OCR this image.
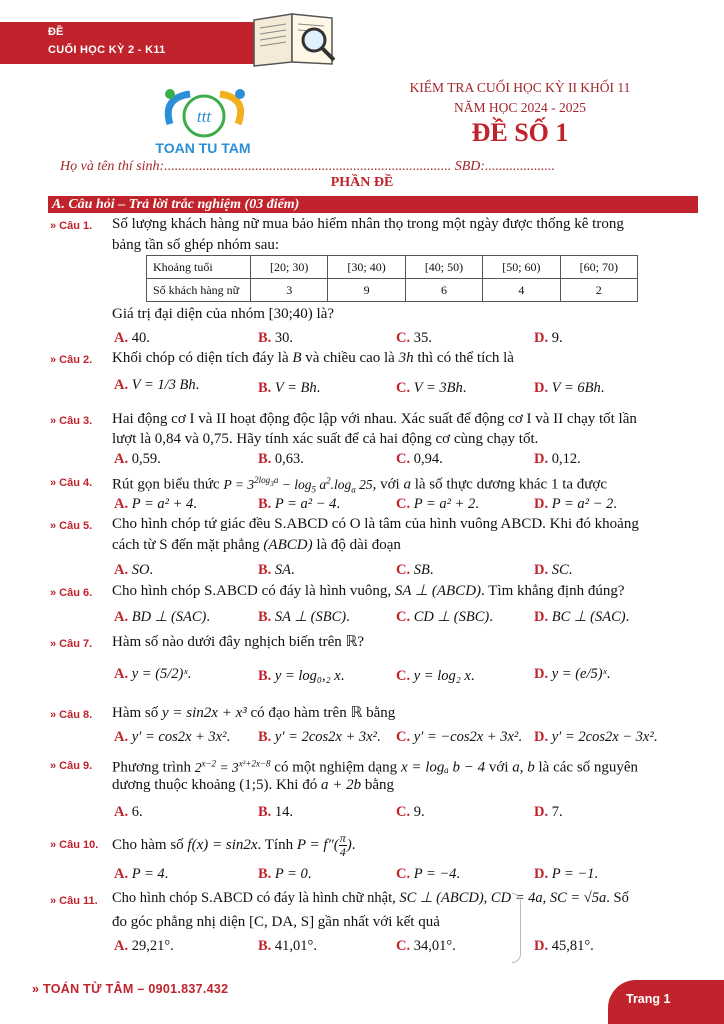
ĐỀ
CUỐI HỌC KỲ 2 - K11
ttt
TOAN TU TAM
KIỂM TRA CUỐI HỌC KỲ II KHỐI 11
NĂM HỌC 2024 - 2025
ĐỀ SỐ 1
Họ và tên thí sinh:.................................................................................. SBD:....................
PHẦN ĐỀ
A. Câu hỏi – Trả lời trắc nghiệm (03 điểm)
» Câu 1. Số lượng khách hàng nữ mua bảo hiểm nhân thọ trong một ngày được thống kê trong
bảng tần số ghép nhóm sau:
Khoảng tuổi	[20; 30)	[30; 40)	[40; 50)	[50; 60)	[60; 70)
Số khách hàng nữ	3	9	6	4	2
Giá trị đại diện của nhóm [30;40) là?
A. 40.	B. 30.	C. 35.	D. 9.
» Câu 2. Khối chóp có diện tích đáy là B và chiều cao là 3h thì có thể tích là
A. V = 1/3 Bh.	B. V = Bh.	C. V = 3Bh.	D. V = 6Bh.
» Câu 3. Hai động cơ I và II hoạt động độc lập với nhau. Xác suất để động cơ I và II chạy tốt lần
lượt là 0,84 và 0,75. Hãy tính xác suất để cả hai động cơ cùng chạy tốt.
A. 0,59.	B. 0,63.	C. 0,94.	D. 0,12.
» Câu 4. Rút gọn biểu thức $P = 3^{2log_3a} - \log_5 a^2.\log_a$ 25, với a là số thực dương khác 1 ta được
A. P = a² + 4.	B. P = a² − 4.	C. P = a² + 2.	D. P = a² − 2.
» Câu 5. Cho hình chóp tứ giác đều S.ABCD có O là tâm của hình vuông ABCD. Khi đó khoảng
cách từ S đến mặt phẳng (ABCD) là độ dài đoạn
A. SO.	B. SA.	C. SB.	D. SC.
» Câu 6. Cho hình chóp S.ABCD có đáy là hình vuông, SA ⊥ (ABCD). Tìm khẳng định đúng?
A. BD ⊥ (SAC).	B. SA ⊥ (SBC).	C. CD ⊥ (SBC).	D. BC ⊥ (SAC).
» Câu 7. Hàm số nào dưới đây nghịch biến trên ℝ?
A. y = (5/2)ˣ.	B. y = log₀,₂ x.	C. y = log₂ x.	D. y = (e/5)ˣ.
» Câu 8. Hàm số y = sin2x + x³ có đạo hàm trên ℝ bằng
A. y′ = cos2x + 3x². B. y′ = 2cos2x + 3x². C. y′ = −cos2x + 3x². D. y′ = 2cos2x − 3x².
» Câu 9. Phương trình $2^{x-2} = 3^{x^2+2x-8}$ có một nghiệm dạng x = logₐ b − 4 với a, b là các số nguyên
dương thuộc khoảng (1;5). Khi đó a + 2b bằng
A. 6.	B. 14.	C. 9.	D. 7.
» Câu 10. Cho hàm số f(x) = sin2x. Tính $P = f''( \frac{\pi}{4}$ ).
A. P = 4.	B. P = 0.	C. P = −4.	D. P = −1.
» Câu 11. Cho hình chóp S.ABCD có đáy là hình chữ nhật, SC ⊥ (ABCD), CD = 4a, SC = √5a. Số
đo góc phẳng nhị diện [C, DA, S] gần nhất với kết quả
A. 29,21°.	B. 41,01°.	C. 34,01°.	D. 45,81°.
» TOÁN TỪ TÂM – 0901.837.432
Trang 1
